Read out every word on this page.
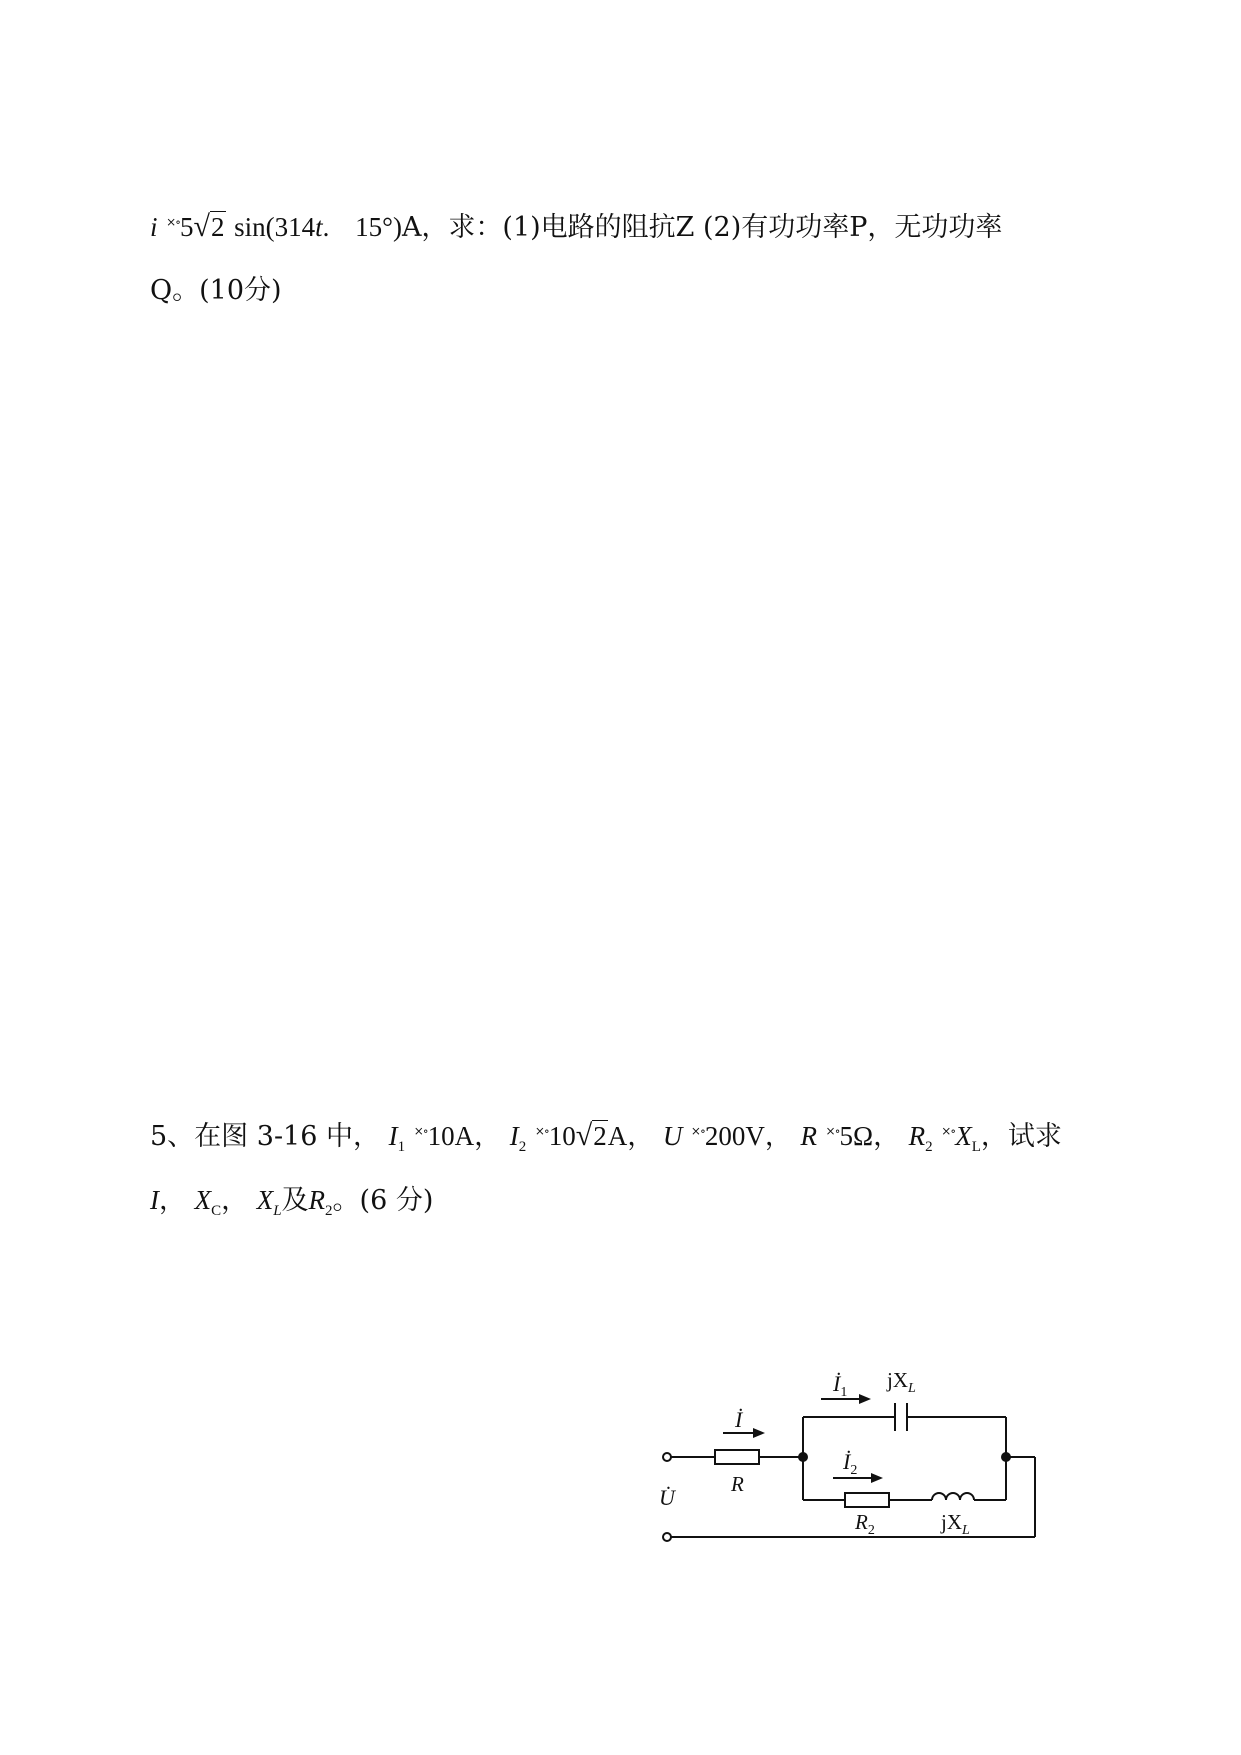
i ×∘5√2 sin(314t. 15°)A，求：(1)电路的阻抗Z (2)有功功率P，无功功率
Q。(10分)
5、在图 3-16 中， $I_1$ ×∘10A， $I_2$ ×∘10√2A， U ×∘200V， R ×∘5Ω， $R_2$ $^{\times\circ}X_L$，试求
I， $X_C$， $X_L$及$R_2$。(6 分)
İ
$İ_1$
$jX_L$
$İ_2$
R
$R_2$	$jX_L$
U̇
